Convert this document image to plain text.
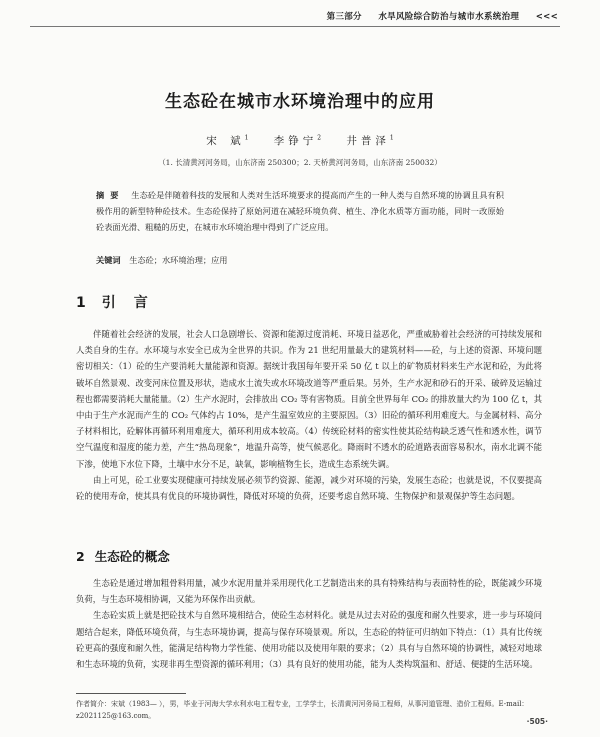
第三部分 水旱风险综合防治与城市水系统治理 <<<
生态砼在城市水环境治理中的应用
宋 斌$^1$ 李铮宁$^2$ 井普泽$^1$
（1. 长清黄河河务局，山东济南 250300；2. 天桥黄河河务局，山东济南 250032）
摘要 生态砼是伴随着科技的发展和人类对生活环境要求的提高而产生的一种人类与自然环境的协调且具有积极作用的新型特种砼技术。生态砼保持了原始河道在减轻环境负荷、植生、净化水质等方面功能，同时一改原始砼表面光滑、粗糙的历史，在城市水环境治理中得到了广泛应用。
关键词 生态砼；水环境治理；应用
1 引　言

伴随着社会经济的发展，社会人口急剧增长、资源和能源过度消耗、环境日益恶化，严重威胁着社会经济的可持续发展和人类自身的生存。水环境与水安全已成为全世界的共识。作为 21 世纪用量最大的建筑材料——砼，与上述的资源、环境问题密切相关：（1）砼的生产要消耗大量能源和资源。据统计我国每年要开采 50 亿 t 以上的矿物质材料来生产水泥和砼，为此将破坏自然景观、改变河床位置及形状，造成水土流失或水环境改道等严重后果。另外，生产水泥和砂石的开采、破碎及运输过程也都需要消耗大量能量。（2）生产水泥时，会排放出 CO₂ 等有害物质。目前全世界每年 CO₂ 的排放量大约为 100 亿 t，其中由于生产水泥而产生的 CO₂ 气体约占 10%，是产生温室效应的主要原因。（3）旧砼的循环利用难度大。与金属材料、高分子材料相比，砼解体再循环利用难度大，循环利用成本较高。（4）传统砼材料的密实性使其砼结构缺乏透气性和透水性，调节空气温度和湿度的能力差，产生“热岛现象”，地温升高等，使气候恶化。降雨时不透水的砼道路表面容易积水，南水北调不能下渗，使地下水位下降，土壤中水分不足，缺氧，影响植物生长，造成生态系统失调。

由上可见，砼工业要实现健康可持续发展必须节约资源、能源，减少对环境的污染，发展生态砼；也就是说，不仅要提高砼的使用寿命，使其具有优良的环境协调性，降低对环境的负荷，还要考虑自然环境、生物保护和景观保护等生态问题。

2 生态砼的概念

生态砼是通过增加粗骨料用量，减少水泥用量并采用现代化工艺制造出来的具有特殊结构与表面特性的砼，既能减少环境负荷，与生态环境相协调，又能为环保作出贡献。

生态砼实质上就是把砼技术与自然环境相结合，使砼生态材料化。就是从过去对砼的强度和耐久性要求，进一步与环境问题结合起来，降低环境负荷，与生态环境协调，提高与保存环境景观。所以，生态砼的特征可归纳如下特点：（1）具有比传统砼更高的强度和耐久性，能满足结构物力学性能、使用功能以及使用年限的要求；（2）具有与自然环境的协调性，减轻对地球和生态环境的负荷，实现非再生型资源的循环利用；（3）具有良好的使用功能，能为人类构筑温和、舒适、便捷的生活环境。

作者简介：宋斌（1983— ），男，毕业于河海大学水利水电工程专业，工学学士，长清黄河河务局工程师，从事河道管理、造价工程师。E-mail：z2021125@163.com。
·505·
